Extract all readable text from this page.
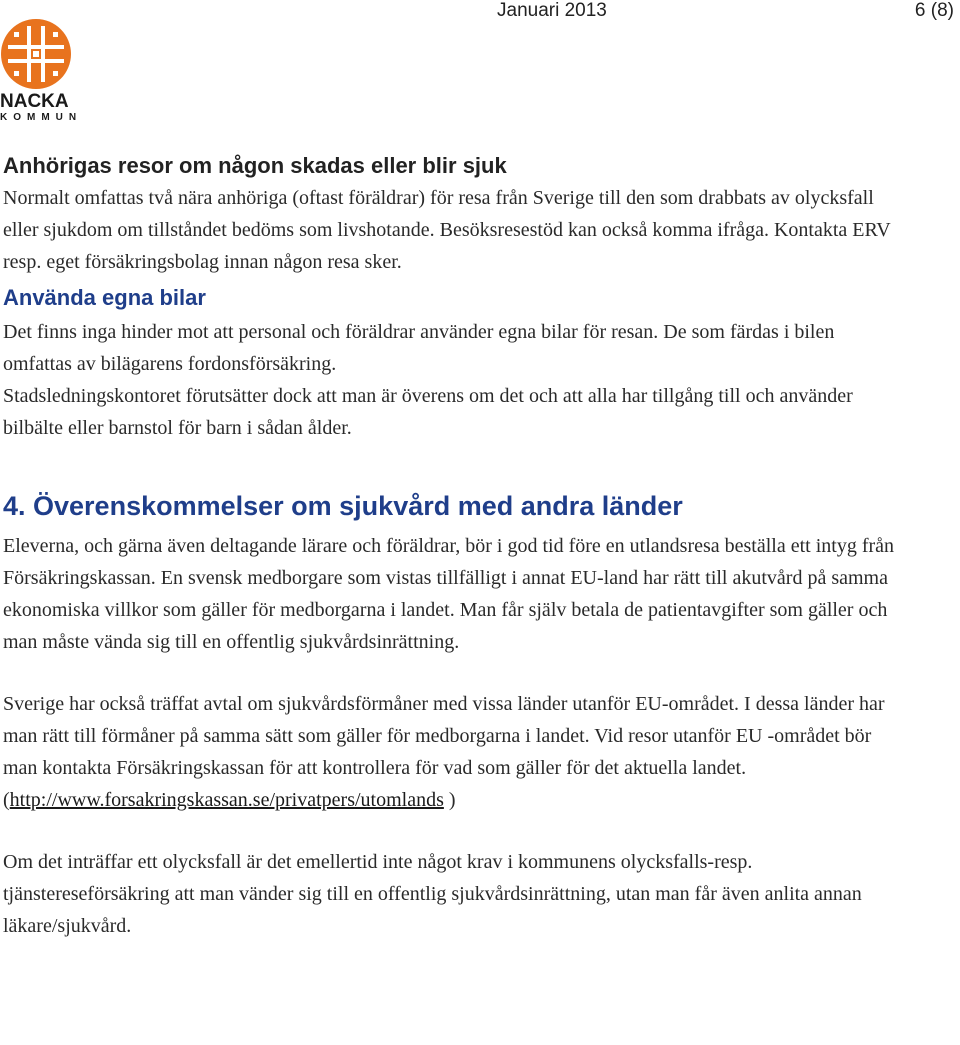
Januari 2013	6 (8)
NACKA
KOMMUN
Anhörigas resor om någon skadas eller blir sjuk

Normalt omfattas två nära anhöriga (oftast föräldrar) för resa från Sverige till den som drabbats av olycksfall eller sjukdom om tillståndet bedöms som livshotande. Besöksresestöd kan också komma ifråga. Kontakta ERV resp. eget försäkringsbolag innan någon resa sker.

Använda egna bilar

Det finns inga hinder mot att personal och föräldrar använder egna bilar för resan. De som färdas i bilen omfattas av bilägarens fordonsförsäkring.

Stadsledningskontoret förutsätter dock att man är överens om det och att alla har tillgång till och använder bilbälte eller barnstol för barn i sådan ålder.

4. Överenskommelser om sjukvård med andra länder

Eleverna, och gärna även deltagande lärare och föräldrar, bör i god tid före en utlandsresa beställa ett intyg från Försäkringskassan. En svensk medborgare som vistas tillfälligt i annat EU-land har rätt till akutvård på samma ekonomiska villkor som gäller för medborgarna i landet. Man får själv betala de patientavgifter som gäller och man måste vända sig till en offentlig sjukvårdsinrättning.

Sverige har också träffat avtal om sjukvårdsförmåner med vissa länder utanför EU-området. I dessa länder har man rätt till förmåner på samma sätt som gäller för medborgarna i landet. Vid resor utanför EU -området bör man kontakta Försäkringskassan för att kontrollera för vad som gäller för det aktuella landet.

(http://www.forsakringskassan.se/privatpers/utomlands )

Om det inträffar ett olycksfall är det emellertid inte något krav i kommunens olycksfalls-resp. tjänstereseförsäkring att man vänder sig till en offentlig sjukvårdsinrättning, utan man får även anlita annan läkare/sjukvård.
